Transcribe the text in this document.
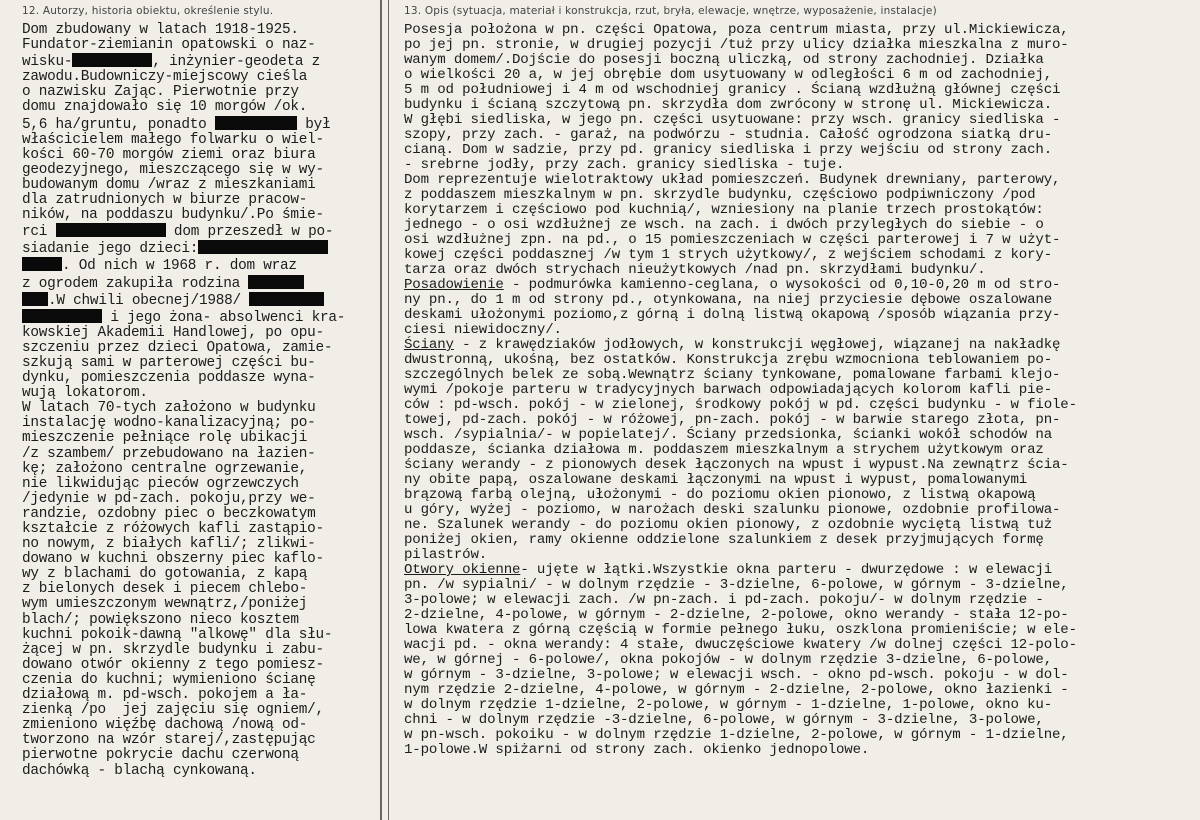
12. Autorzy, historia obiektu, określenie stylu.
Dom zbudowany w latach 1918-1925.
Fundator-ziemianin opatowski o naz-
wisku-	, inżynier-geodeta z
zawodu.Budowniczy-miejscowy cieśla
o nazwisku Zając. Pierwotnie przy
domu znajdowało się 10 morgów /ok.
5,6 ha/gruntu, ponadto	był
właścicielem małego folwarku o wiel-
kości 60-70 morgów ziemi oraz biura
geodezyjnego, mieszczącego się w wy-
budowanym domu /wraz z mieszkaniami
dla zatrudnionych w biurze pracow-
ników, na poddaszu budynku/.Po śmie-
rci	dom przeszedł w po-
siadanie jego dzieci:
. Od nich w 1968 r. dom wraz
z ogrodem zakupiła rodzina
.W chwili obecnej/1988/
i jego żona- absolwenci kra-
kowskiej Akademii Handlowej, po opu-
szczeniu przez dzieci Opatowa, zamie-
szkują sami w parterowej części bu-
dynku, pomieszczenia poddasze wyna-
wują lokatorom.
W latach 70-tych założono w budynku
instalację wodno-kanalizacyjną; po-
mieszczenie pełniące rolę ubikacji
/z szambem/ przebudowano na łazien-
kę; założono centralne ogrzewanie,
nie likwidując pieców ogrzewczych
/jedynie w pd-zach. pokoju,przy we-
randzie, ozdobny piec o beczkowatym
kształcie z różowych kafli zastąpio-
no nowym, z białych kafli/; zlikwi-
dowano w kuchni obszerny piec kaflo-
wy z blachami do gotowania, z kapą
z bielonych desek i piecem chlebo-
wym umieszczonym wewnątrz,/poniżej
blach/; powiększono nieco kosztem
kuchni pokoik-dawną "alkowę" dla słu-
żącej w pn. skrzydle budynku i zabu-
dowano otwór okienny z tego pomiesz-
czenia do kuchni; wymieniono ścianę
działową m. pd-wsch. pokojem a ła-
zienką /po  jej zajęciu się ogniem/,
zmieniono więźbę dachową /nową od-
tworzono na wzór starej/,zastępując
pierwotne pokrycie dachu czerwoną
dachówką - blachą cynkowaną.
13. Opis (sytuacja, materiał i konstrukcja, rzut, bryła, elewacje, wnętrze, wyposażenie, instalacje)
Posesja położona w pn. części Opatowa, poza centrum miasta, przy ul.Mickiewicza,
po jej pn. stronie, w drugiej pozycji /tuż przy ulicy działka mieszkalna z muro-
wanym domem/.Dojście do posesji boczną uliczką, od strony zachodniej. Działka
o wielkości 20 a, w jej obrębie dom usytuowany w odległości 6 m od zachodniej,
5 m od południowej i 4 m od wschodniej granicy . Ścianą wzdłużną głównej części
budynku i ścianą szczytową pn. skrzydła dom zwrócony w stronę ul. Mickiewicza.
W głębi siedliska, w jego pn. części usytuowane: przy wsch. granicy siedliska -
szopy, przy zach. - garaż, na podwórzu - studnia. Całość ogrodzona siatką dru-
cianą. Dom w sadzie, przy pd. granicy siedliska i przy wejściu od strony zach.
- srebrne jodły, przy zach. granicy siedliska - tuje.
Dom reprezentuje wielotraktowy układ pomieszczeń. Budynek drewniany, parterowy,
z poddaszem mieszkalnym w pn. skrzydle budynku, częściowo podpiwniczony /pod
korytarzem i częściowo pod kuchnią/, wzniesiony na planie trzech prostokątów:
jednego - o osi wzdłużnej ze wsch. na zach. i dwóch przyległych do siebie - o
osi wzdłużnej zpn. na pd., o 15 pomieszczeniach w części parterowej i 7 w użyt-
kowej części poddasznej /w tym 1 strych użytkowy/, z wejściem schodami z kory-
tarza oraz dwóch strychach nieużytkowych /nad pn. skrzydłami budynku/.
Posadowienie - podmurówka kamienno-ceglana, o wysokości od 0,10-0,20 m od stro-
ny pn., do 1 m od strony pd., otynkowana, na niej przyciesie dębowe oszalowane
deskami ułożonymi poziomo,z górną i dolną listwą okapową /sposób wiązania przy-
ciesi niewidoczny/.
Ściany - z krawędziaków jodłowych, w konstrukcji węgłowej, wiązanej na nakładkę
dwustronną, ukośną, bez ostatków. Konstrukcja zrębu wzmocniona teblowaniem po-
szczególnych belek ze sobą.Wewnątrz ściany tynkowane, pomalowane farbami klejo-
wymi /pokoje parteru w tradycyjnych barwach odpowiadających kolorom kafli pie-
ców : pd-wsch. pokój - w zielonej, środkowy pokój w pd. części budynku - w fiole-
towej, pd-zach. pokój - w różowej, pn-zach. pokój - w barwie starego złota, pn-
wsch. /sypialnia/- w popielatej/. Ściany przedsionka, ścianki wokół schodów na
poddasze, ścianka działowa m. poddaszem mieszkalnym a strychem użytkowym oraz
ściany werandy - z pionowych desek łączonych na wpust i wypust.Na zewnątrz ścia-
ny obite papą, oszalowane deskami łączonymi na wpust i wypust, pomalowanymi
brązową farbą olejną, ułożonymi - do poziomu okien pionowo, z listwą okapową
u góry, wyżej - poziomo, w narożach deski szalunku pionowe, ozdobnie profilowa-
ne. Szalunek werandy - do poziomu okien pionowy, z ozdobnie wyciętą listwą tuż
poniżej okien, ramy okienne oddzielone szalunkiem z desek przyjmujących formę
pilastrów.
Otwory okienne- ujęte w łątki.Wszystkie okna parteru - dwurzędowe : w elewacji
pn. /w sypialni/ - w dolnym rzędzie - 3-dzielne, 6-polowe, w górnym - 3-dzielne,
3-polowe; w elewacji zach. /w pn-zach. i pd-zach. pokoju/- w dolnym rzędzie -
2-dzielne, 4-polowe, w górnym - 2-dzielne, 2-polowe, okno werandy - stała 12-po-
lowa kwatera z górną częścią w formie pełnego łuku, oszklona promieniście; w ele-
wacji pd. - okna werandy: 4 stałe, dwuczęściowe kwatery /w dolnej części 12-polo-
we, w górnej - 6-polowe/, okna pokojów - w dolnym rzędzie 3-dzielne, 6-polowe,
w górnym - 3-dzielne, 3-polowe; w elewacji wsch. - okno pd-wsch. pokoju - w dol-
nym rzędzie 2-dzielne, 4-polowe, w górnym - 2-dzielne, 2-polowe, okno łazienki -
w dolnym rzędzie 1-dzielne, 2-polowe, w górnym - 1-dzielne, 1-polowe, okno ku-
chni - w dolnym rzędzie -3-dzielne, 6-polowe, w górnym - 3-dzielne, 3-polowe,
w pn-wsch. pokoiku - w dolnym rzędzie 1-dzielne, 2-polowe, w górnym - 1-dzielne,
1-polowe.W spiżarni od strony zach. okienko jednopolowe.
